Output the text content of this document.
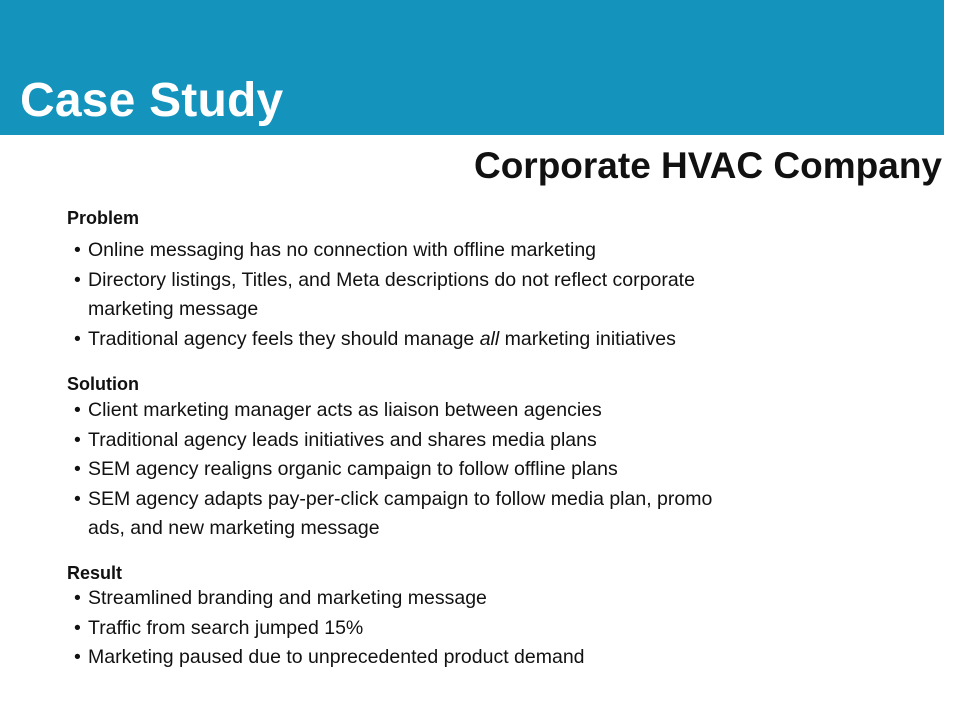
Case Study
Corporate HVAC Company
Problem
• Online messaging has no connection with offline marketing
• Directory listings, Titles, and Meta descriptions do not reflect corporate
marketing message
• Traditional agency feels they should manage all marketing initiatives
Solution
• Client marketing manager acts as liaison between agencies
• Traditional agency leads initiatives and shares media plans
• SEM agency realigns organic campaign to follow offline plans
• SEM agency adapts pay-per-click campaign to follow media plan, promo
ads, and new marketing message
Result
• Streamlined branding and marketing message
• Traffic from search jumped 15%
• Marketing paused due to unprecedented product demand
